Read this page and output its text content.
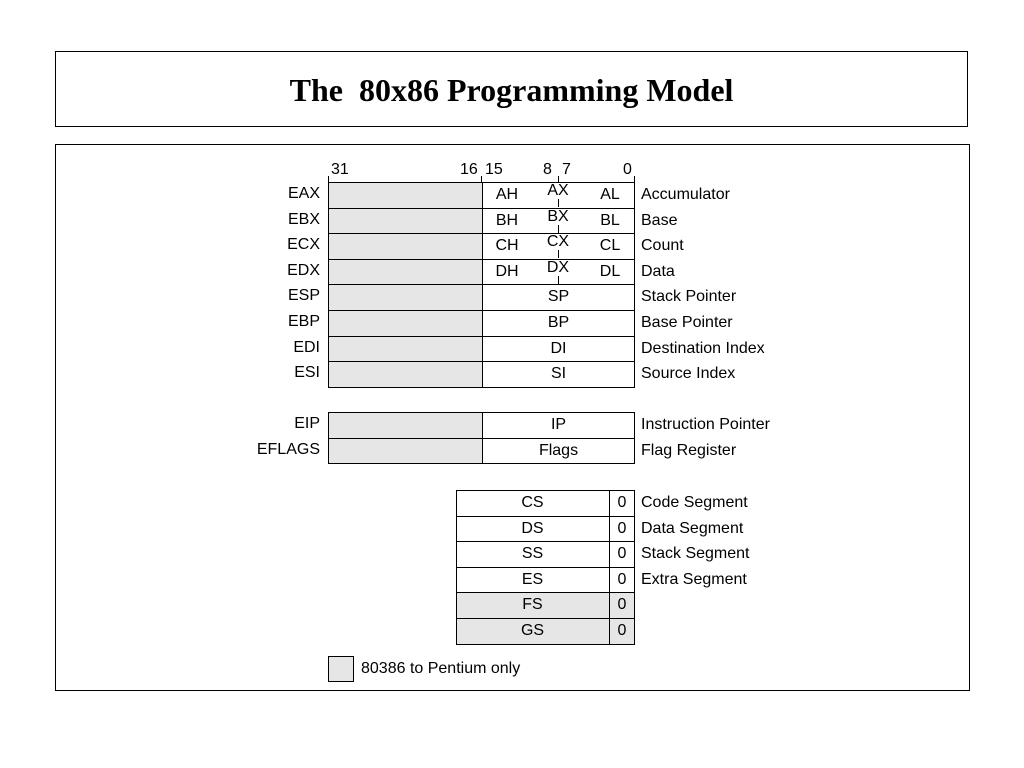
The  80x86 Programming Model
31	16 15	8 7	0
EAX	AH	AX	AL	Accumulator
EBX	BH	BX	BL	Base
ECX	CH	CX	CL	Count
EDX	DH	DX	DL	Data
ESP	SP	Stack Pointer
EBP	BP	Base Pointer
EDI	DI	Destination Index
ESI	SI	Source Index
EIP	IP	Instruction Pointer
EFLAGS	Flags	Flag Register
CS	0 Code Segment
DS	0 Data Segment
SS	0 Stack Segment
ES	0 Extra Segment
FS	0
GS	0
80386 to Pentium only
